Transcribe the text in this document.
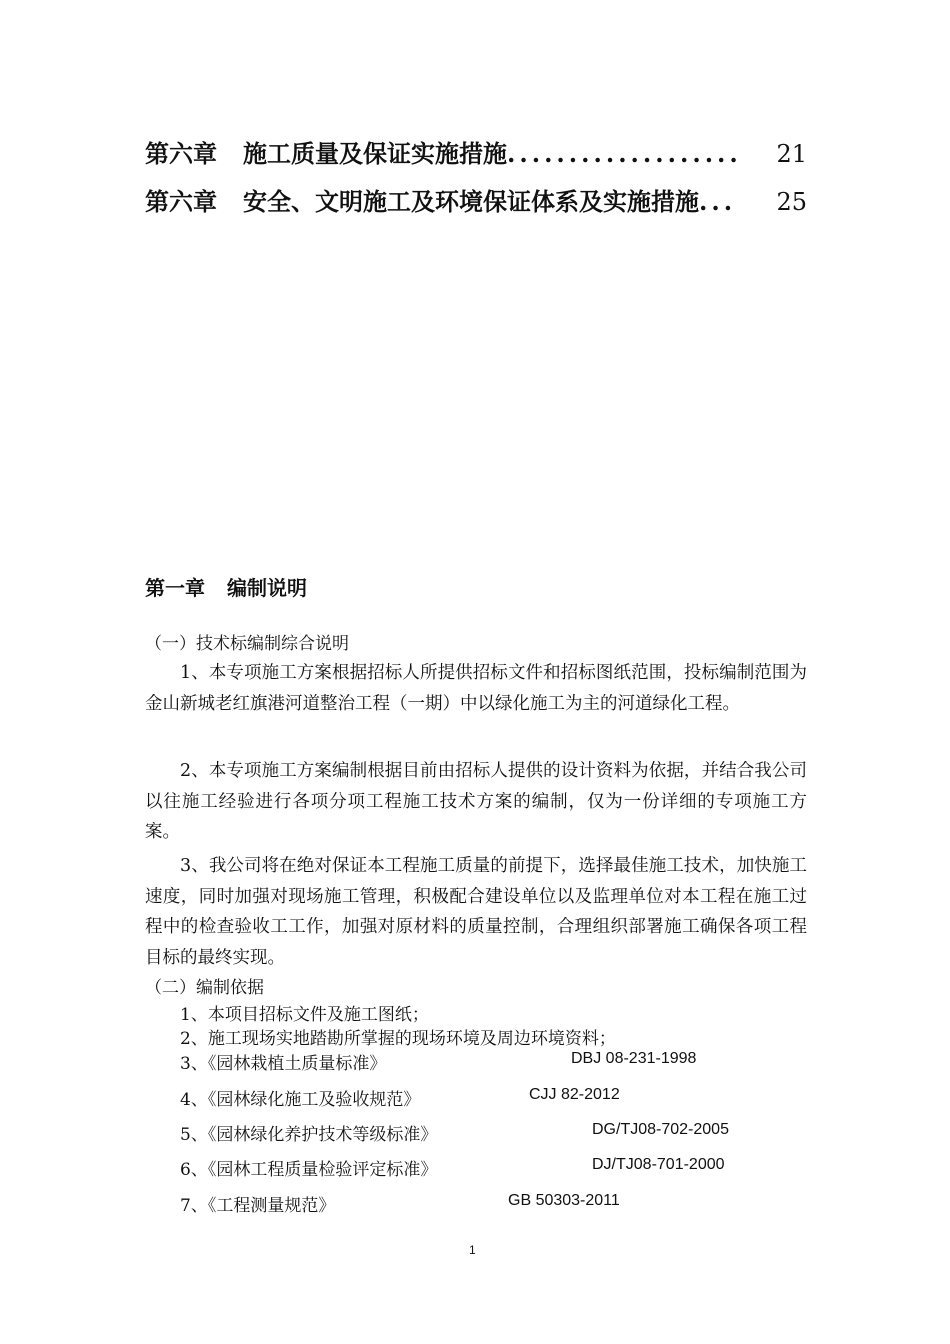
第六章 施工质量及保证实施措施 ...................	21
第六章 安全、文明施工及环境保证体系及实施措施 ...	25
第一章 编制说明
（一）技术标编制综合说明
1、本专项施工方案根据招标人所提供招标文件和招标图纸范围，投标编制范围为金山新城老红旗港河道整治工程（一期）中以绿化施工为主的河道绿化工程。
2、本专项施工方案编制根据目前由招标人提供的设计资料为依据，并结合我公司以往施工经验进行各项分项工程施工技术方案的编制，仅为一份详细的专项施工方案。
3、我公司将在绝对保证本工程施工质量的前提下，选择最佳施工技术，加快施工速度，同时加强对现场施工管理，积极配合建设单位以及监理单位对本工程在施工过程中的检查验收工工作，加强对原材料的质量控制，合理组织部署施工确保各项工程目标的最终实现。
（二）编制依据
1、本项目招标文件及施工图纸；
2、施工现场实地踏勘所掌握的现场环境及周边环境资料；
3、《园林栽植土质量标准》	DBJ 08-231-1998
4、《园林绿化施工及验收规范》	CJJ 82-2012
5、《园林绿化养护技术等级标准》	DG/TJ08-702-2005
6、《园林工程质量检验评定标准》	DJ/TJ08-701-2000
7、《工程测量规范》	GB 50303-2011
1
